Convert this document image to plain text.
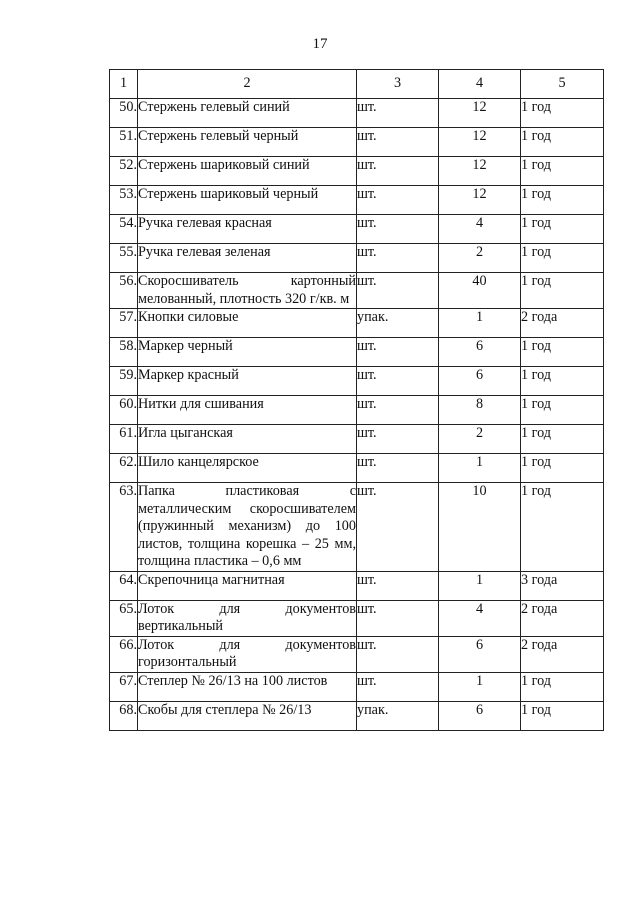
17
1	2	3	4	5
50.	Стержень гелевый синий	шт.	12	1 год
51.	Стержень гелевый черный	шт.	12	1 год
52.	Стержень шариковый синий	шт.	12	1 год
53.	Стержень шариковый черный	шт.	12	1 год
54.	Ручка гелевая красная	шт.	4	1 год
55.	Ручка гелевая зеленая	шт.	2	1 год
56.	Скоросшиватель картонный мелованный, плотность 320 г/кв. м	шт.	40	1 год
57.	Кнопки силовые	упак.	1	2 года
58.	Маркер черный	шт.	6	1 год
59.	Маркер красный	шт.	6	1 год
60.	Нитки для сшивания	шт.	8	1 год
61.	Игла цыганская	шт.	2	1 год
62.	Шило канцелярское	шт.	1	1 год
63.	Папка пластиковая с металлическим скоросшивателем (пружинный механизм) до 100 листов, толщина корешка – 25 мм, толщина пластика – 0,6 мм	шт.	10	1 год
64.	Скрепочница магнитная	шт.	1	3 года
65.	Лоток для документов вертикальный	шт.	4	2 года
66.	Лоток для документов горизонтальный	шт.	6	2 года
67.	Степлер № 26/13 на 100 листов	шт.	1	1 год
68.	Скобы для степлера № 26/13	упак.	6	1 год
